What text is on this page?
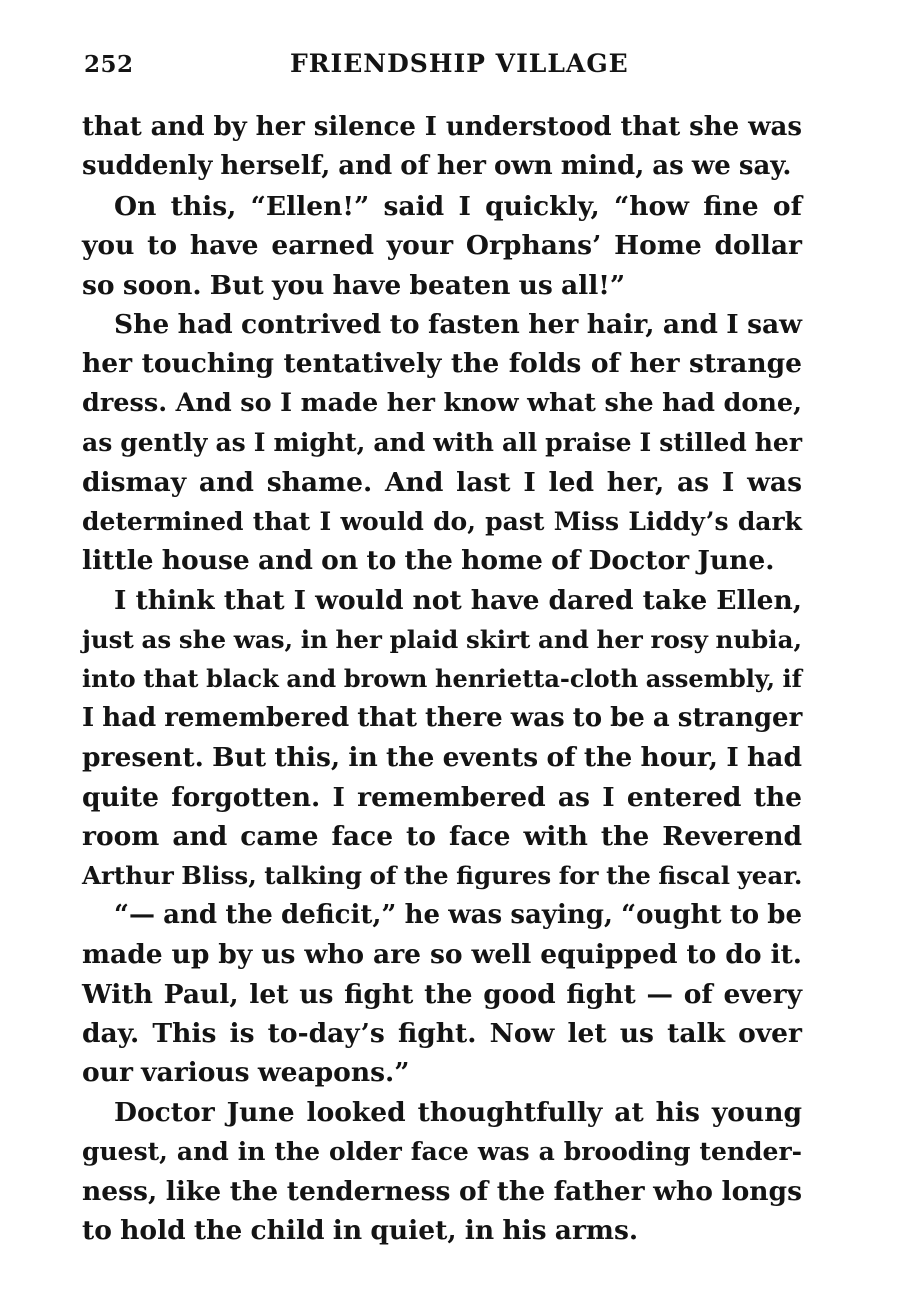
252	FRIENDSHIP VILLAGE
that and by her silence I understood that she was
suddenly herself, and of her own mind, as we say.
On this, “Ellen!” said I quickly, “how fine of
you to have earned your Orphans’ Home dollar
so soon. But you have beaten us all!”
She had contrived to fasten her hair, and I saw
her touching tentatively the folds of her strange
dress. And so I made her know what she had done,
as gently as I might, and with all praise I stilled her
dismay and shame. And last I led her, as I was
determined that I would do, past Miss Liddy’s dark
little house and on to the home of Doctor June.
I think that I would not have dared take Ellen,
just as she was, in her plaid skirt and her rosy nubia,
into that black and brown henrietta-cloth assembly, if
I had remembered that there was to be a stranger
present. But this, in the events of the hour, I had
quite forgotten. I remembered as I entered the
room and came face to face with the Reverend
Arthur Bliss, talking of the figures for the fiscal year.
“— and the deficit,” he was saying, “ought to be
made up by us who are so well equipped to do it.
With Paul, let us fight the good fight — of every
day. This is to-day’s fight. Now let us talk over
our various weapons.”
Doctor June looked thoughtfully at his young
guest, and in the older face was a brooding tender-
ness, like the tenderness of the father who longs
to hold the child in quiet, in his arms.
